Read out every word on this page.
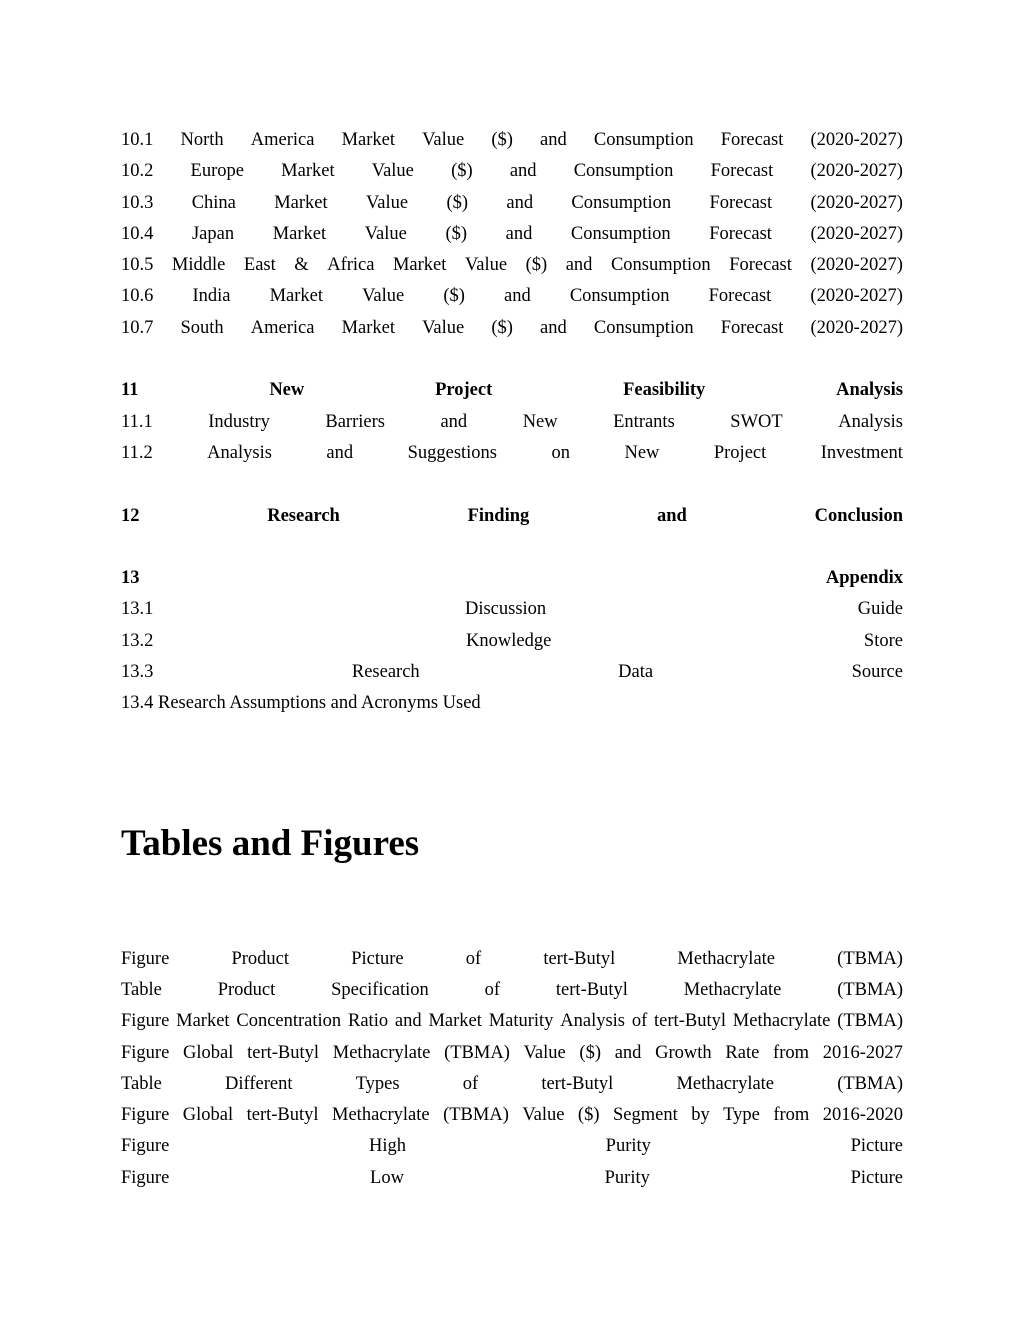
10.1 North America Market Value ($) and Consumption Forecast (2020-2027)
10.2 Europe Market Value ($) and Consumption Forecast (2020-2027)
10.3 China Market Value ($) and Consumption Forecast (2020-2027)
10.4 Japan Market Value ($) and Consumption Forecast (2020-2027)
10.5 Middle East & Africa Market Value ($) and Consumption Forecast (2020-2027)
10.6 India Market Value ($) and Consumption Forecast (2020-2027)
10.7 South America Market Value ($) and Consumption Forecast (2020-2027)
11	New	Project	Feasibility	Analysis
11.1	Industry	Barriers	and	New	Entrants	SWOT	Analysis
11.2	Analysis	and	Suggestions	on	New	Project	Investment
12	Research	Finding	and	Conclusion
13	Appendix
13.1	Discussion	Guide
13.2	Knowledge	Store
13.3	Research	Data	Source
13.4 Research Assumptions and Acronyms Used
Tables and Figures
Figure	Product	Picture	of	tert-Butyl	Methacrylate	(TBMA)
Table	Product	Specification	of	tert-Butyl	Methacrylate	(TBMA)
Figure Market Concentration Ratio and Market Maturity Analysis of tert-Butyl Methacrylate (TBMA)
Figure Global tert-Butyl Methacrylate (TBMA) Value ($) and Growth Rate from 2016-2027
Table	Different	Types	of	tert-Butyl	Methacrylate	(TBMA)
Figure Global tert-Butyl Methacrylate (TBMA) Value ($) Segment by Type from 2016-2020
Figure	High	Purity	Picture
Figure	Low	Purity	Picture
